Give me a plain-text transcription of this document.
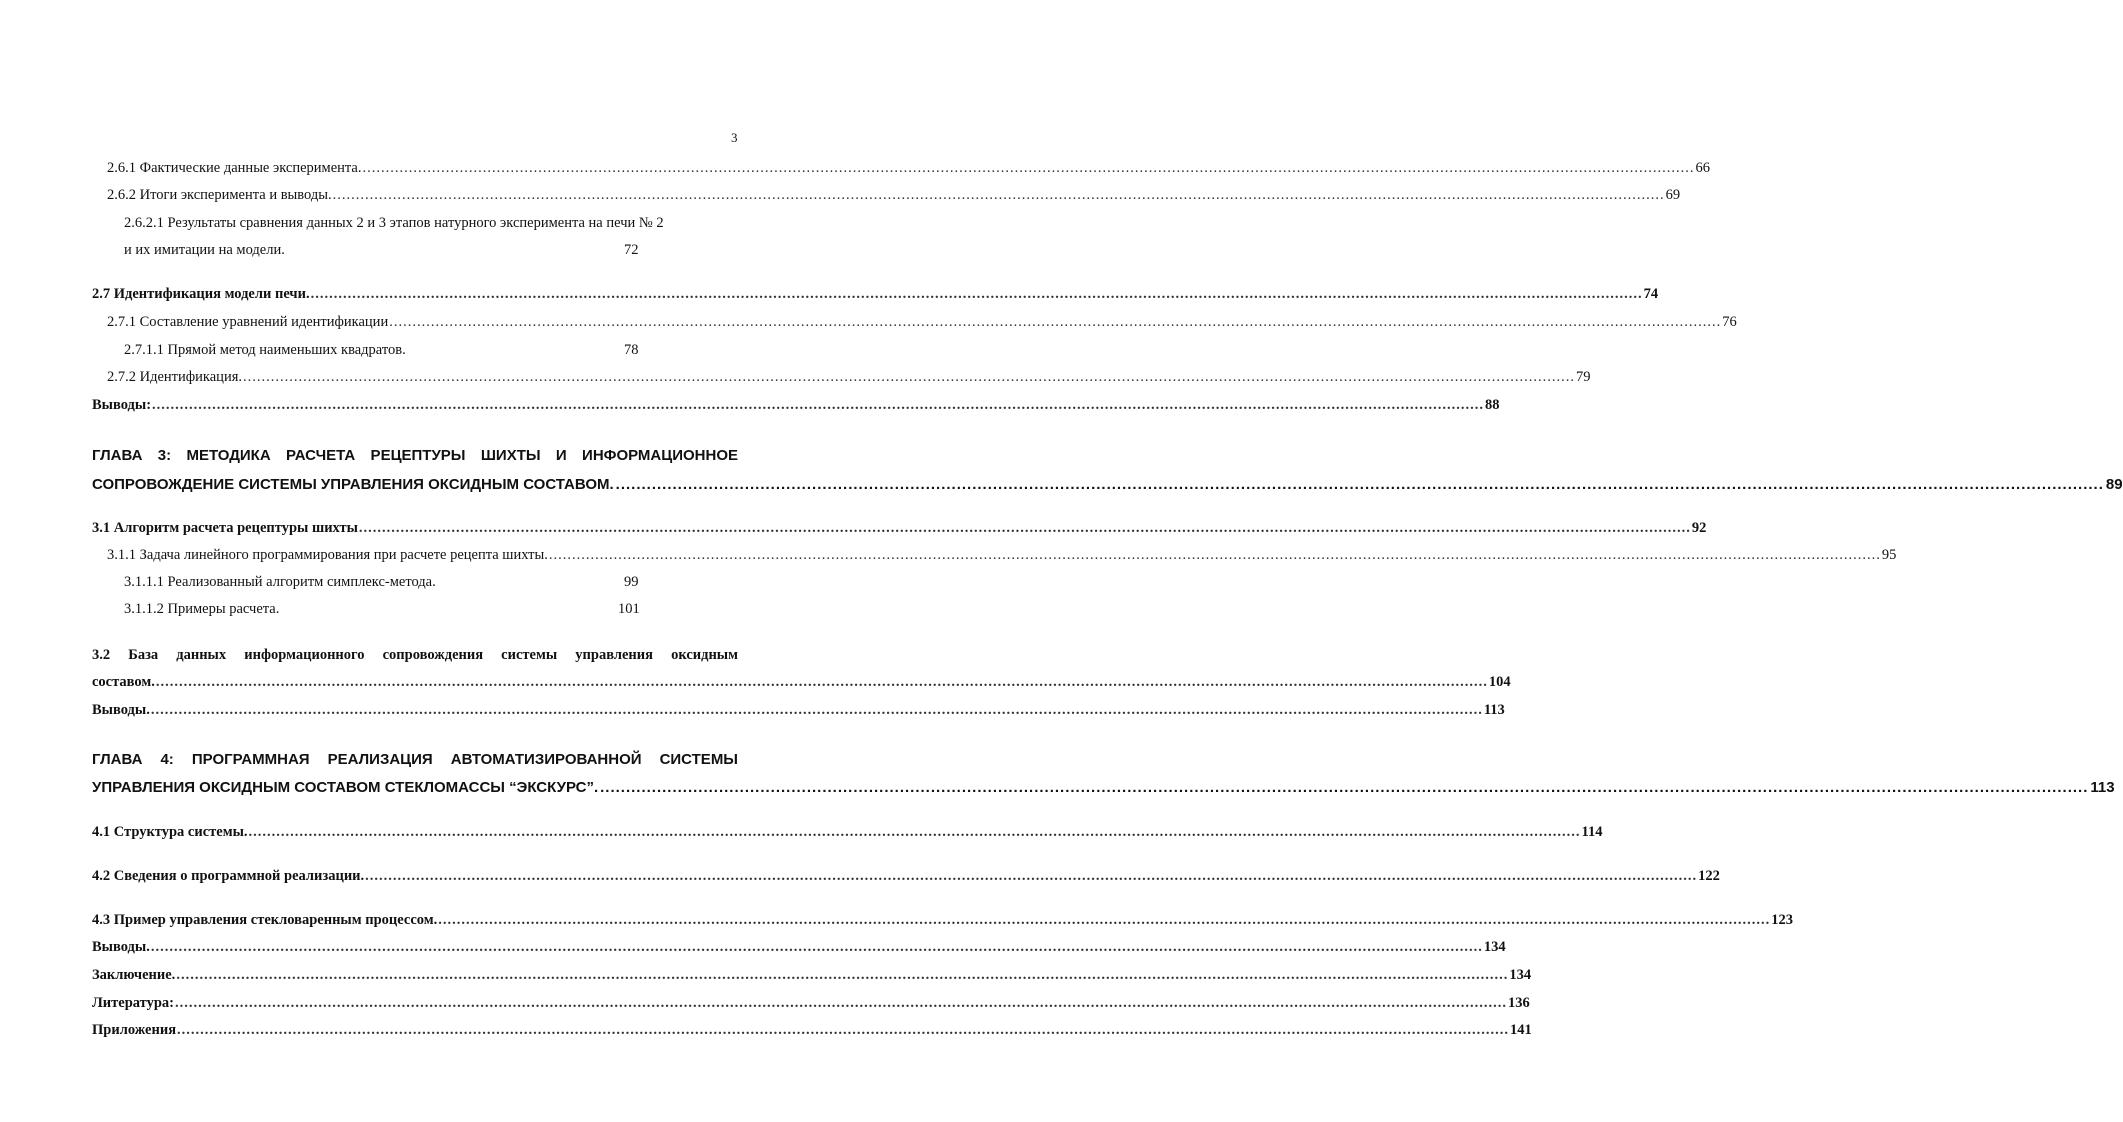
3
2.6.1 Фактические данные эксперимента. ................................................................................................................................................................................................................................................................................................ 66
2.6.2 Итоги эксперимента и выводы. ................................................................................................................................................................................................................................................................................................ 69
2.6.2.1 Результаты сравнения данных 2 и 3 этапов натурного эксперимента на печи № 2
и их имитации на модели.	72
2.7 Идентификация модели печи. ................................................................................................................................................................................................................................................................................................ 74
2.7.1 Составление уравнений идентификации ................................................................................................................................................................................................................................................................................................ 76
2.7.1.1 Прямой метод наименьших квадратов.	78
2.7.2 Идентификация. ................................................................................................................................................................................................................................................................................................ 79
Выводы: ................................................................................................................................................................................................................................................................................................ 88
ГЛАВА 3: МЕТОДИКА РАСЧЕТА РЕЦЕПТУРЫ ШИХТЫ И ИНФОРМАЦИОННОЕ
СОПРОВОЖДЕНИЕ СИСТЕМЫ УПРАВЛЕНИЯ ОКСИДНЫМ СОСТАВОМ. ................................................................................................................................................................................................................................................................................................ 89
3.1 Алгоритм расчета рецептуры шихты ................................................................................................................................................................................................................................................................................................ 92
3.1.1 Задача линейного программирования при расчете рецепта шихты. ................................................................................................................................................................................................................................................................................................ 95
3.1.1.1 Реализованный алгоритм симплекс-метода.	99
3.1.1.2 Примеры расчета.	101
3.2 База данных информационного сопровождения системы управления оксидным
составом. ................................................................................................................................................................................................................................................................................................ 104
Выводы. ................................................................................................................................................................................................................................................................................................ 113
ГЛАВА 4: ПРОГРАММНАЯ РЕАЛИЗАЦИЯ АВТОМАТИЗИРОВАННОЙ СИСТЕМЫ
УПРАВЛЕНИЯ ОКСИДНЫМ СОСТАВОМ СТЕКЛОМАССЫ “ЭКСКУРС”. ................................................................................................................................................................................................................................................................................................ 113
4.1 Структура системы. ................................................................................................................................................................................................................................................................................................ 114
4.2 Сведения о программной реализации. ................................................................................................................................................................................................................................................................................................ 122
4.3 Пример управления стекловаренным процессом. ................................................................................................................................................................................................................................................................................................ 123
Выводы. ................................................................................................................................................................................................................................................................................................ 134
Заключение. ................................................................................................................................................................................................................................................................................................ 134
Литература: ................................................................................................................................................................................................................................................................................................ 136
Приложения ................................................................................................................................................................................................................................................................................................ 141
